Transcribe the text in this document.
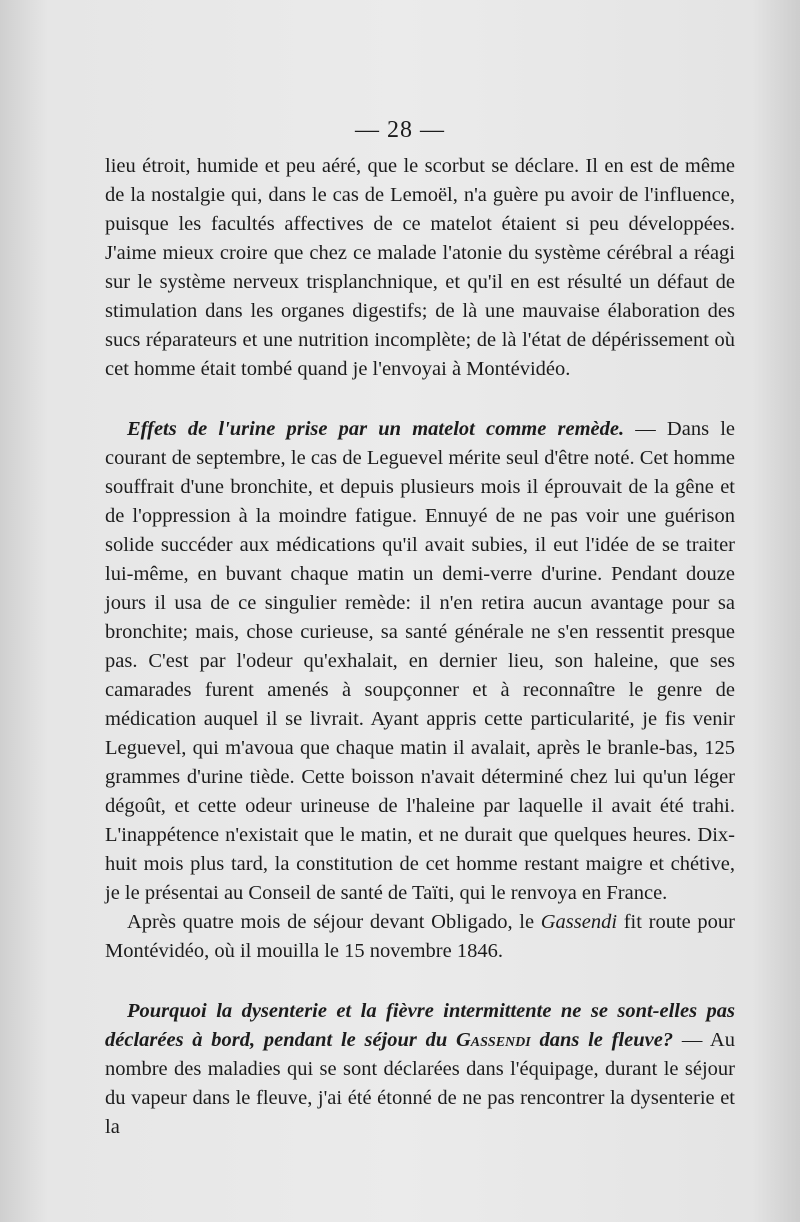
— 28 —

lieu étroit, humide et peu aéré, que le scorbut se déclare. Il en est de même de la nostalgie qui, dans le cas de Lemoël, n'a guère pu avoir de l'influence, puisque les facultés affectives de ce matelot étaient si peu développées. J'aime mieux croire que chez ce malade l'atonie du système cérébral a réagi sur le système nerveux trisplanchnique, et qu'il en est résulté un défaut de stimulation dans les organes digestifs; de là une mauvaise élaboration des sucs réparateurs et une nutrition incomplète; de là l'état de dépérissement où cet homme était tombé quand je l'envoyai à Montévidéo.

Effets de l'urine prise par un matelot comme remède. — Dans le courant de septembre, le cas de Leguevel mérite seul d'être noté. Cet homme souffrait d'une bronchite, et depuis plusieurs mois il éprouvait de la gêne et de l'oppression à la moindre fatigue. Ennuyé de ne pas voir une guérison solide succéder aux médications qu'il avait subies, il eut l'idée de se traiter lui-même, en buvant chaque matin un demi-verre d'urine. Pendant douze jours il usa de ce singulier remède: il n'en retira aucun avantage pour sa bronchite; mais, chose curieuse, sa santé générale ne s'en ressentit presque pas. C'est par l'odeur qu'exhalait, en dernier lieu, son haleine, que ses camarades furent amenés à soupçonner et à reconnaître le genre de médication auquel il se livrait. Ayant appris cette particularité, je fis venir Leguevel, qui m'avoua que chaque matin il avalait, après le branle-bas, 125 grammes d'urine tiède. Cette boisson n'avait déterminé chez lui qu'un léger dégoût, et cette odeur urineuse de l'haleine par laquelle il avait été trahi. L'inappétence n'existait que le matin, et ne durait que quelques heures. Dix-huit mois plus tard, la constitution de cet homme restant maigre et chétive, je le présentai au Conseil de santé de Taïti, qui le renvoya en France.

Après quatre mois de séjour devant Obligado, le Gassendi fit route pour Montévidéo, où il mouilla le 15 novembre 1846.

Pourquoi la dysenterie et la fièvre intermittente ne se sont-elles pas déclarées à bord, pendant le séjour du Gassendi dans le fleuve? — Au nombre des maladies qui se sont déclarées dans l'équipage, durant le séjour du vapeur dans le fleuve, j'ai été étonné de ne pas rencontrer la dysenterie et la
